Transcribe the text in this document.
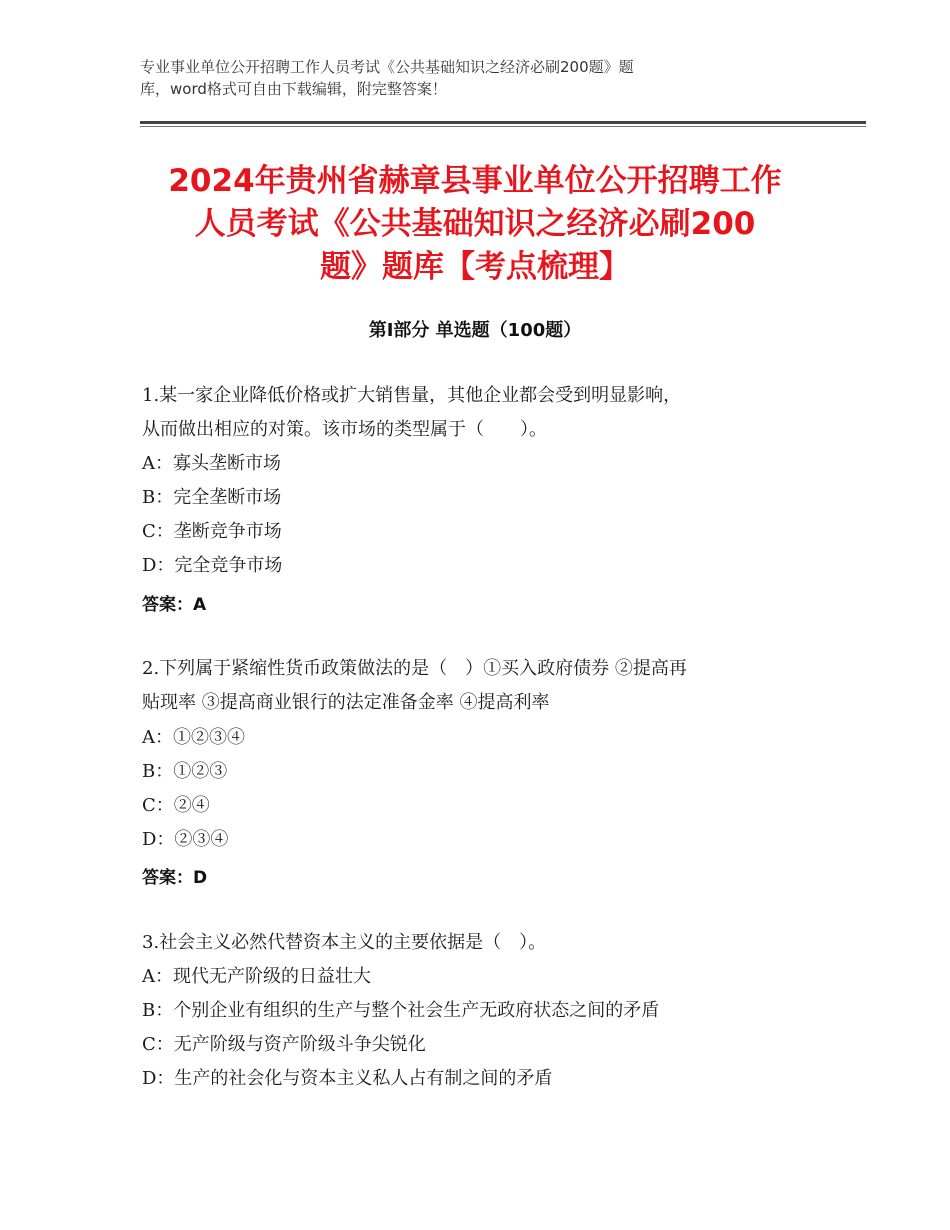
专业事业单位公开招聘工作人员考试《公共基础知识之经济必刷200题》题
库，word格式可自由下载编辑，附完整答案！
2024年贵州省赫章县事业单位公开招聘工作
人员考试《公共基础知识之经济必刷200
题》题库【考点梳理】
第Ⅰ部分 单选题（100题）
1.某一家企业降低价格或扩大销售量，其他企业都会受到明显影响，
从而做出相应的对策。该市场的类型属于（　　）。
A：寡头垄断市场
B：完全垄断市场
C：垄断竞争市场
D：完全竞争市场
答案：A
2.下列属于紧缩性货币政策做法的是（　）①买入政府债券 ②提高再
贴现率 ③提高商业银行的法定准备金率 ④提高利率
A：①②③④
B：①②③
C：②④
D：②③④
答案：D
3.社会主义必然代替资本主义的主要依据是（　）。
A：现代无产阶级的日益壮大
B：个别企业有组织的生产与整个社会生产无政府状态之间的矛盾
C：无产阶级与资产阶级斗争尖锐化
D：生产的社会化与资本主义私人占有制之间的矛盾
